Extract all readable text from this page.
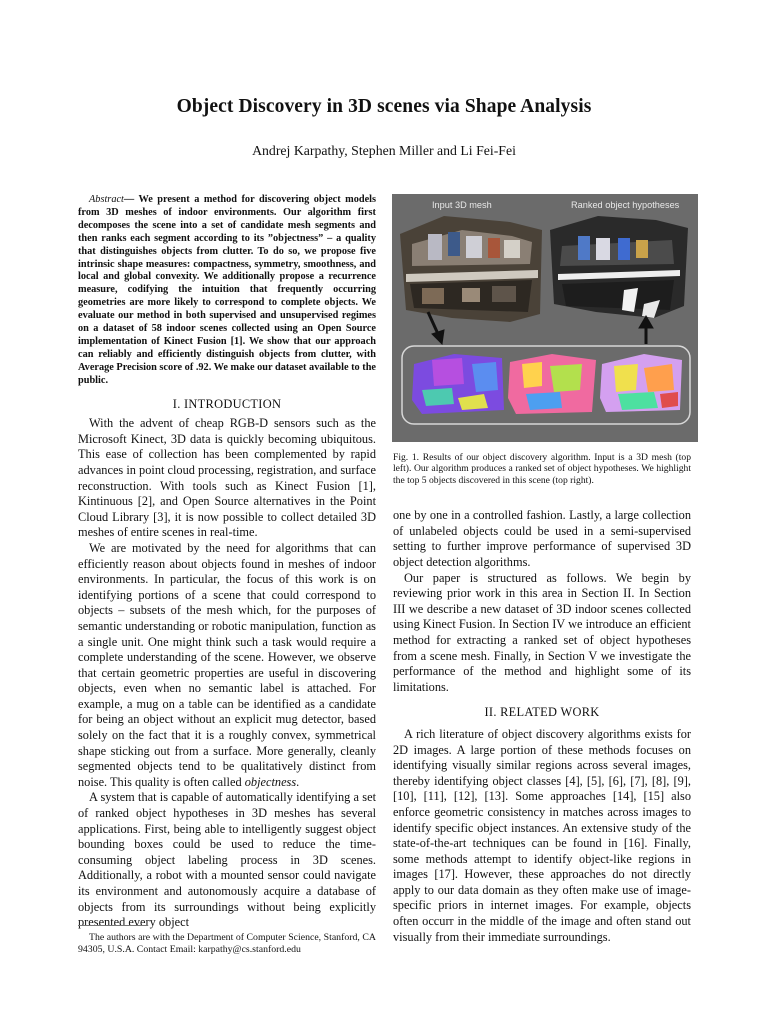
Object Discovery in 3D scenes via Shape Analysis
Andrej Karpathy, Stephen Miller and Li Fei-Fei

Abstract— We present a method for discovering object models from 3D meshes of indoor environments. Our algorithm first decomposes the scene into a set of candidate mesh segments and then ranks each segment according to its ”objectness” – a quality that distinguishes objects from clutter. To do so, we propose five intrinsic shape measures: compactness, symmetry, smoothness, and local and global convexity. We additionally propose a recurrence measure, codifying the intuition that frequently occurring geometries are more likely to correspond to complete objects. We evaluate our method in both supervised and unsupervised regimes on a dataset of 58 indoor scenes collected using an Open Source implementation of Kinect Fusion [1]. We show that our approach can reliably and efficiently distinguish objects from clutter, with Average Precision score of .92. We make our dataset available to the public.

I. INTRODUCTION

With the advent of cheap RGB-D sensors such as the Microsoft Kinect, 3D data is quickly becoming ubiquitous. This ease of collection has been complemented by rapid advances in point cloud processing, registration, and surface reconstruction. With tools such as Kinect Fusion [1], Kintinuous [2], and Open Source alternatives in the Point Cloud Library [3], it is now possible to collect detailed 3D meshes of entire scenes in real-time.

We are motivated by the need for algorithms that can efficiently reason about objects found in meshes of indoor environments. In particular, the focus of this work is on identifying portions of a scene that could correspond to objects – subsets of the mesh which, for the purposes of semantic understanding or robotic manipulation, function as a single unit. One might think such a task would require a complete understanding of the scene. However, we observe that certain geometric properties are useful in discovering objects, even when no semantic label is attached. For example, a mug on a table can be identified as a candidate for being an object without an explicit mug detector, based solely on the fact that it is a roughly convex, symmetrical shape sticking out from a surface. More generally, cleanly segmented objects tend to be qualitatively distinct from noise. This quality is often called objectness.

A system that is capable of automatically identifying a set of ranked object hypotheses in 3D meshes has several applications. First, being able to intelligently suggest object bounding boxes could be used to reduce the time-consuming object labeling process in 3D scenes. Additionally, a robot with a mounted sensor could navigate its environment and autonomously acquire a database of objects from its surroundings without being explicitly presented every object

The authors are with the Department of Computer Science, Stanford, CA 94305, U.S.A. Contact Email: karpathy@cs.stanford.edu

Input 3D mesh	Ranked object hypotheses

Fig. 1. Results of our object discovery algorithm. Input is a 3D mesh (top left). Our algorithm produces a ranked set of object hypotheses. We highlight the top 5 objects discovered in this scene (top right).

one by one in a controlled fashion. Lastly, a large collection of unlabeled objects could be used in a semi-supervised setting to further improve performance of supervised 3D object detection algorithms.

Our paper is structured as follows. We begin by reviewing prior work in this area in Section II. In Section III we describe a new dataset of 3D indoor scenes collected using Kinect Fusion. In Section IV we introduce an efficient method for extracting a ranked set of object hypotheses from a scene mesh. Finally, in Section V we investigate the performance of the method and highlight some of its limitations.

II. RELATED WORK

A rich literature of object discovery algorithms exists for 2D images. A large portion of these methods focuses on identifying visually similar regions across several images, thereby identifying object classes [4], [5], [6], [7], [8], [9], [10], [11], [12], [13]. Some approaches [14], [15] also enforce geometric consistency in matches across images to identify specific object instances. An extensive study of the state-of-the-art techniques can be found in [16]. Finally, some methods attempt to identify object-like regions in images [17]. However, these approaches do not directly apply to our data domain as they often make use of image-specific priors in internet images. For example, objects often occurr in the middle of the image and often stand out visually from their immediate surroundings.
